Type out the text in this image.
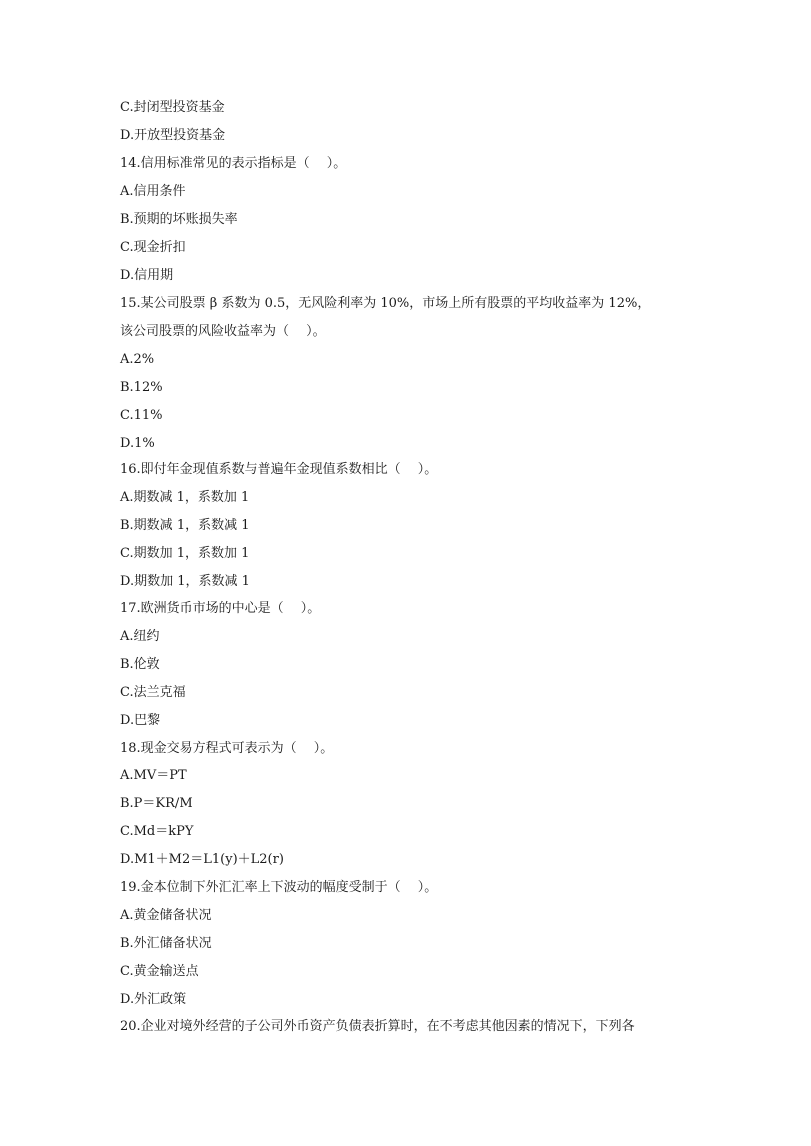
C.封闭型投资基金
D.开放型投资基金
14.信用标准常见的表示指标是（　 ）。
A.信用条件
B.预期的坏账损失率
C.现金折扣
D.信用期
15.某公司股票 β 系数为 0.5，无风险利率为 10%，市场上所有股票的平均收益率为 12%，
该公司股票的风险收益率为（　 ）。
A.2%
B.12%
C.11%
D.1%
16.即付年金现值系数与普遍年金现值系数相比（　 ）。
A.期数减 1，系数加 1
B.期数减 1，系数减 1
C.期数加 1，系数加 1
D.期数加 1，系数减 1
17.欧洲货币市场的中心是（　 ）。
A.纽约
B.伦敦
C.法兰克福
D.巴黎
18.现金交易方程式可表示为（　 ）。
A.MV＝PT
B.P＝KR/M
C.Md＝kPY
D.M1＋M2＝L1(y)＋L2(r)
19.金本位制下外汇汇率上下波动的幅度受制于（　 ）。
A.黄金储备状况
B.外汇储备状况
C.黄金输送点
D.外汇政策
20.企业对境外经营的子公司外币资产负债表折算时，在不考虑其他因素的情况下，下列各
